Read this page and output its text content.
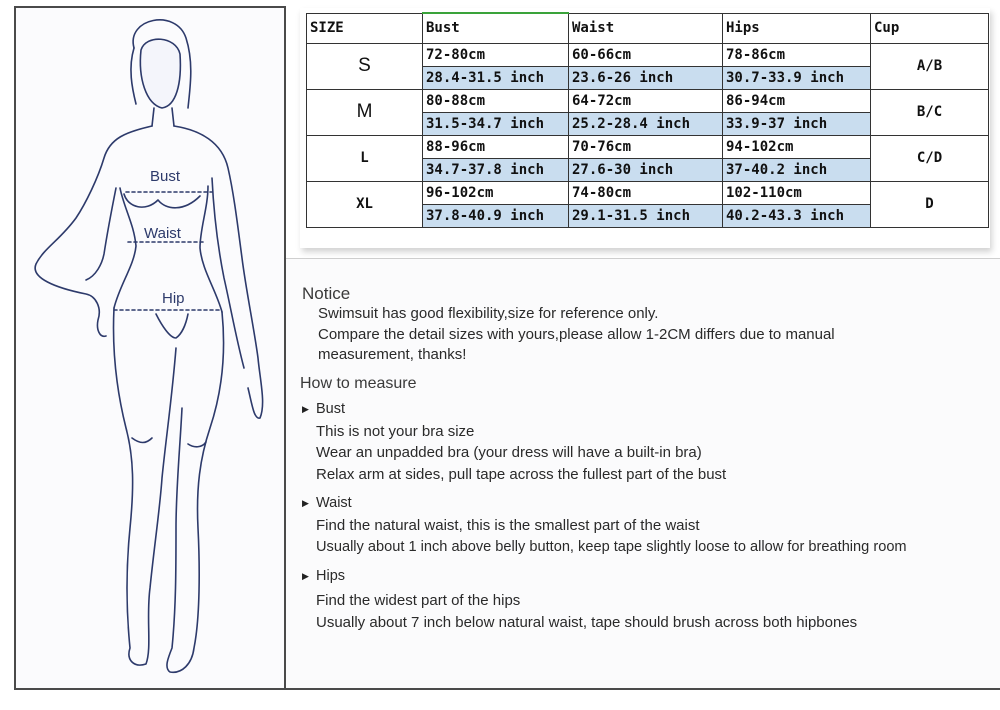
Bust
Waist
Hip
SIZE	Bust	Waist	Hips	Cup
S	72-80cm	60-66cm	78-86cm	A/B
	28.4-31.5 inch	23.6-26 inch	30.7-33.9 inch	
M	80-88cm	64-72cm	86-94cm	B/C
	31.5-34.7 inch	25.2-28.4 inch	33.9-37 inch	
L	88-96cm	70-76cm	94-102cm	C/D
	34.7-37.8 inch	27.6-30 inch	37-40.2 inch	
XL	96-102cm	74-80cm	102-110cm	D
	37.8-40.9 inch	29.1-31.5 inch	40.2-43.3 inch	
Notice
Swimsuit has good flexibility,size for reference only.
Compare the detail sizes with yours,please allow 1-2CM differs due to manual
measurement, thanks!
How to measure
▶ Bust
This is not your bra size
Wear an unpadded bra (your dress will have a built-in bra)
Relax arm at sides, pull tape across the fullest part of the bust
▶ Waist
Find the natural waist, this is the smallest part of the waist
Usually about 1 inch above belly button, keep tape slightly loose to allow for breathing room
▶ Hips
Find the widest part of the hips
Usually about 7 inch below natural waist, tape should brush across both hipbones
